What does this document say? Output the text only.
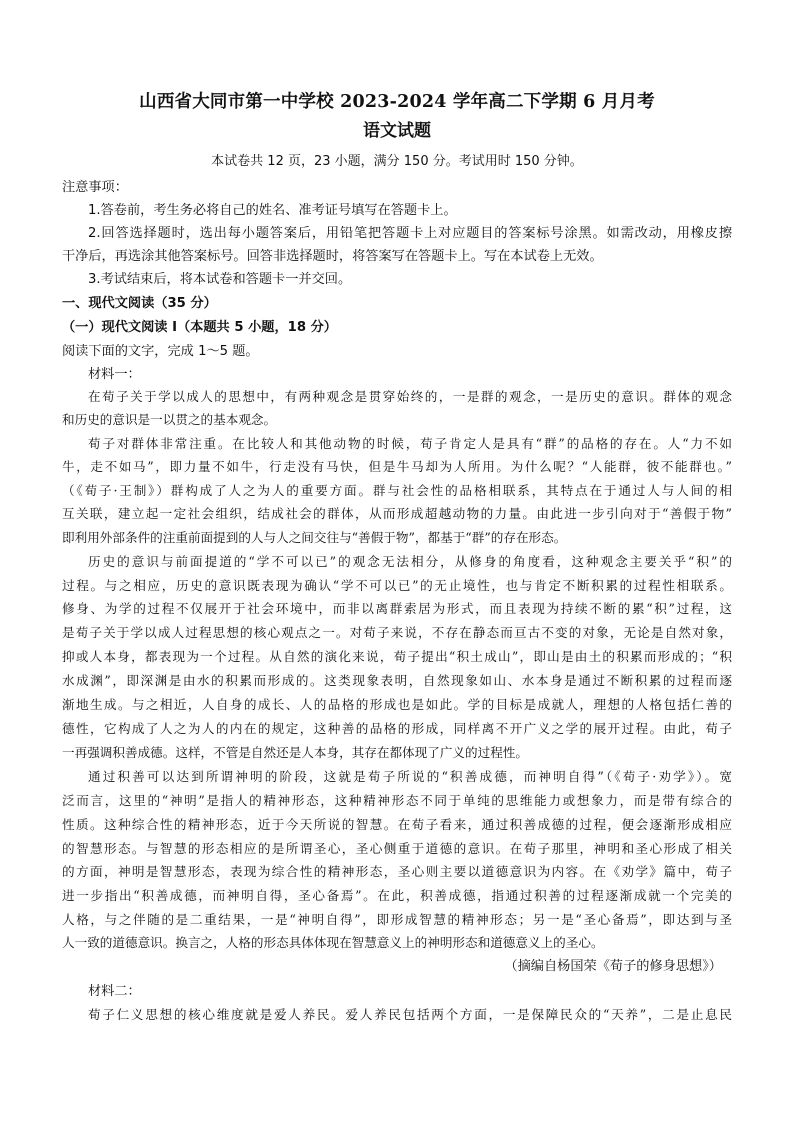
山西省大同市第一中学校 2023-2024 学年高二下学期 6 月月考
语文试题
本试卷共 12 页，23 小题，满分 150 分。考试用时 150 分钟。
注意事项：
1.答卷前，考生务必将自己的姓名、准考证号填写在答题卡上。
2.回答选择题时，选出每小题答案后，用铅笔把答题卡上对应题目的答案标号涂黑。如需改动，用橡皮擦
干净后，再选涂其他答案标号。回答非选择题时，将答案写在答题卡上。写在本试卷上无效。
3.考试结束后，将本试卷和答题卡一并交回。
一、现代文阅读（35 分）
（一）现代文阅读 I（本题共 5 小题，18 分）
阅读下面的文字，完成 1～5 题。
材料一：
在荀子关于学以成人的思想中，有两种观念是贯穿始终的，一是群的观念，一是历史的意识。群体的观念
和历史的意识是一以贯之的基本观念。
荀子对群体非常注重。在比较人和其他动物的时候，荀子肯定人是具有“群”的品格的存在。人“力不如
牛，走不如马”，即力量不如牛，行走没有马快，但是牛马却为人所用。为什么呢？“人能群，彼不能群也。”
（《荀子·王制》）群构成了人之为人的重要方面。群与社会性的品格相联系，其特点在于通过人与人间的相
互关联，建立起一定社会组织，结成社会的群体，从而形成超越动物的力量。由此进一步引向对于“善假于物”
即利用外部条件的注重前面提到的人与人之间交往与“善假于物”，都基于“群”的存在形态。
历史的意识与前面提道的“学不可以已”的观念无法相分，从修身的角度看，这种观念主要关乎“积”的
过程。与之相应，历史的意识既表现为确认“学不可以已”的无止境性，也与肯定不断积累的过程性相联系。
修身、为学的过程不仅展开于社会环境中，而非以离群索居为形式，而且表现为持续不断的累“积”过程，这
是荀子关于学以成人过程思想的核心观点之一。对荀子来说，不存在静态而亘古不变的对象，无论是自然对象，
抑或人本身，都表现为一个过程。从自然的演化来说，荀子提出“积土成山”，即山是由土的积累而形成的；“积
水成渊”，即深渊是由水的积累而形成的。这类现象表明，自然现象如山、水本身是通过不断积累的过程而逐
渐地生成。与之相近，人自身的成长、人的品格的形成也是如此。学的目标是成就人，理想的人格包括仁善的
德性，它构成了人之为人的内在的规定，这种善的品格的形成，同样离不开广义之学的展开过程。由此，荀子
一再强调积善成德。这样，不管是自然还是人本身，其存在都体现了广义的过程性。
通过积善可以达到所谓神明的阶段，这就是荀子所说的“积善成德，而神明自得”（《荀子·劝学》）。宽
泛而言，这里的“神明”是指人的精神形态，这种精神形态不同于单纯的思维能力或想象力，而是带有综合的
性质。这种综合性的精神形态，近于今天所说的智慧。在荀子看来，通过积善成德的过程，便会逐渐形成相应
的智慧形态。与智慧的形态相应的是所谓圣心，圣心侧重于道德的意识。在荀子那里，神明和圣心形成了相关
的方面，神明是智慧形态，表现为综合性的精神形态，圣心则主要以道德意识为内容。在《劝学》篇中，荀子
进一步指出“积善成德，而神明自得，圣心备焉”。在此，积善成德，指通过积善的过程逐渐成就一个完美的
人格，与之伴随的是二重结果，一是“神明自得”，即形成智慧的精神形态；另一是“圣心备焉”，即达到与圣
人一致的道德意识。换言之，人格的形态具体体现在智慧意义上的神明形态和道德意义上的圣心。
（摘编自杨国荣《荀子的修身思想》）
材料二：
荀子仁义思想的核心维度就是爱人养民。爱人养民包括两个方面，一是保障民众的“天养”，二是止息民
